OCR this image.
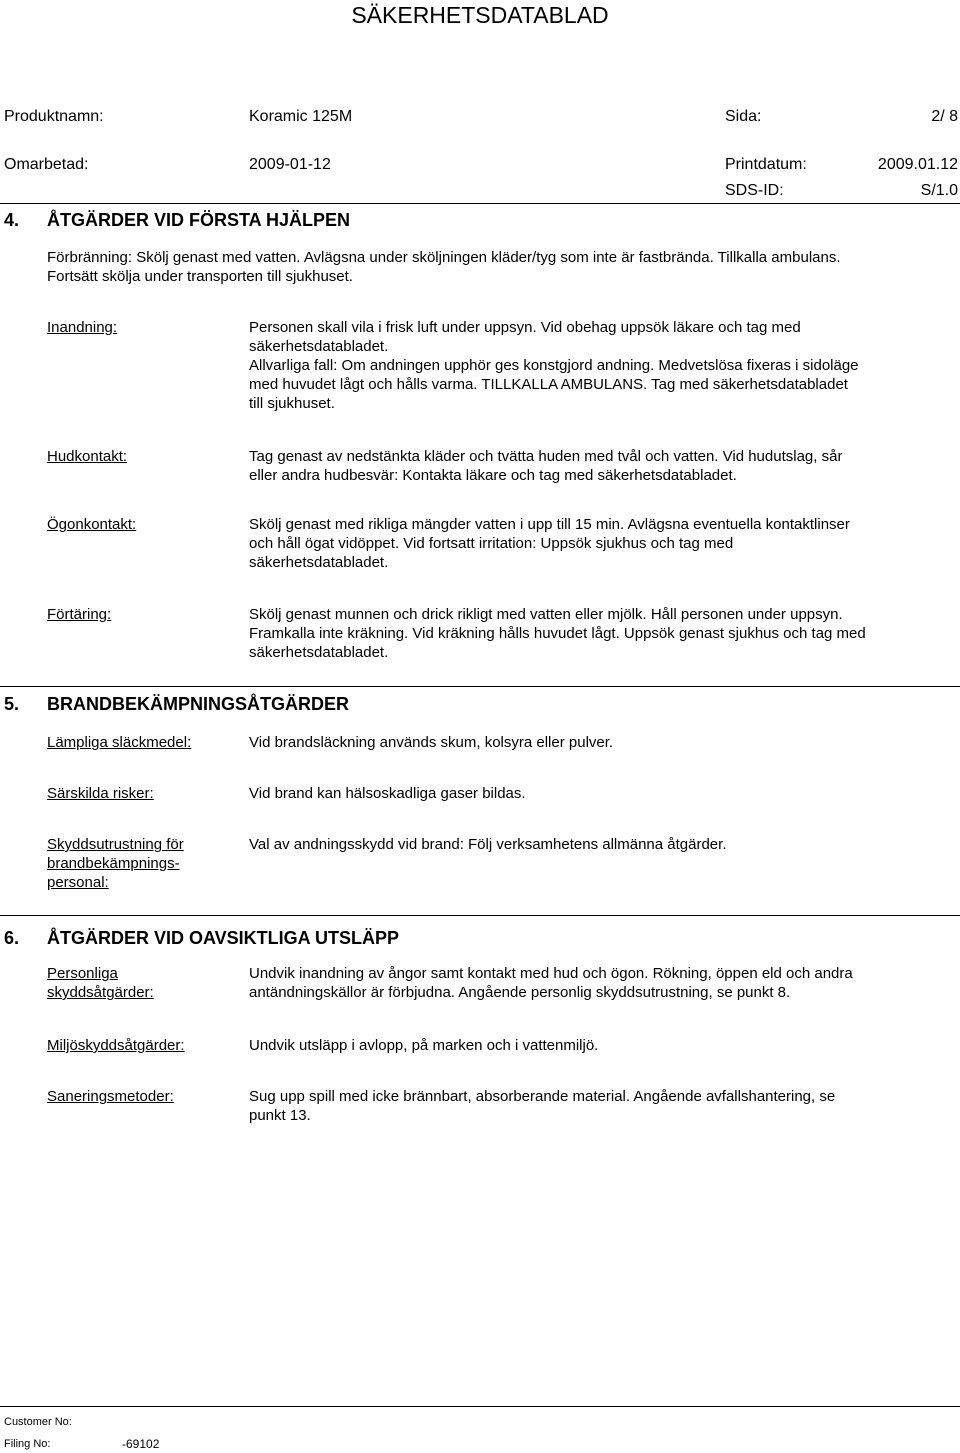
SÄKERHETSDATABLAD
Produktnamn:	Koramic 125M	Sida:	2/ 8
Omarbetad:	2009-01-12	Printdatum:	2009.01.12
SDS-ID:	S/1.0
4. ÅTGÄRDER VID FÖRSTA HJÄLPEN
Förbränning: Skölj genast med vatten. Avlägsna under sköljningen kläder/tyg som inte är fastbrända. Tillkalla ambulans.
Fortsätt skölja under transporten till sjukhuset.
Inandning:	Personen skall vila i frisk luft under uppsyn. Vid obehag uppsök läkare och tag med
säkerhetsdatabladet.
Allvarliga fall: Om andningen upphör ges konstgjord andning. Medvetslösa fixeras i sidoläge
med huvudet lågt och hålls varma. TILLKALLA AMBULANS. Tag med säkerhetsdatabladet
till sjukhuset.
Hudkontakt:	Tag genast av nedstänkta kläder och tvätta huden med tvål och vatten. Vid hudutslag, sår
eller andra hudbesvär: Kontakta läkare och tag med säkerhetsdatabladet.
Ögonkontakt:	Skölj genast med rikliga mängder vatten i upp till 15 min. Avlägsna eventuella kontaktlinser
och håll ögat vidöppet. Vid fortsatt irritation: Uppsök sjukhus och tag med
säkerhetsdatabladet.
Förtäring:	Skölj genast munnen och drick rikligt med vatten eller mjölk. Håll personen under uppsyn.
Framkalla inte kräkning. Vid kräkning hålls huvudet lågt. Uppsök genast sjukhus och tag med
säkerhetsdatabladet.
5. BRANDBEKÄMPNINGSÅTGÄRDER
Lämpliga släckmedel:	Vid brandsläckning används skum, kolsyra eller pulver.
Särskilda risker:	Vid brand kan hälsoskadliga gaser bildas.
Skyddsutrustning för
brandbekämpnings-
personal:
Val av andningsskydd vid brand: Följ verksamhetens allmänna åtgärder.
6. ÅTGÄRDER VID OAVSIKTLIGA UTSLÄPP
Personliga
skyddsåtgärder:
Undvik inandning av ångor samt kontakt med hud och ögon. Rökning, öppen eld och andra
antändningskällor är förbjudna. Angående personlig skyddsutrustning, se punkt 8.
Miljöskyddsåtgärder:	Undvik utsläpp i avlopp, på marken och i vattenmiljö.
Saneringsmetoder:	Sug upp spill med icke brännbart, absorberande material. Angående avfallshantering, se
punkt 13.
Customer No:
Filing No:	-69102
